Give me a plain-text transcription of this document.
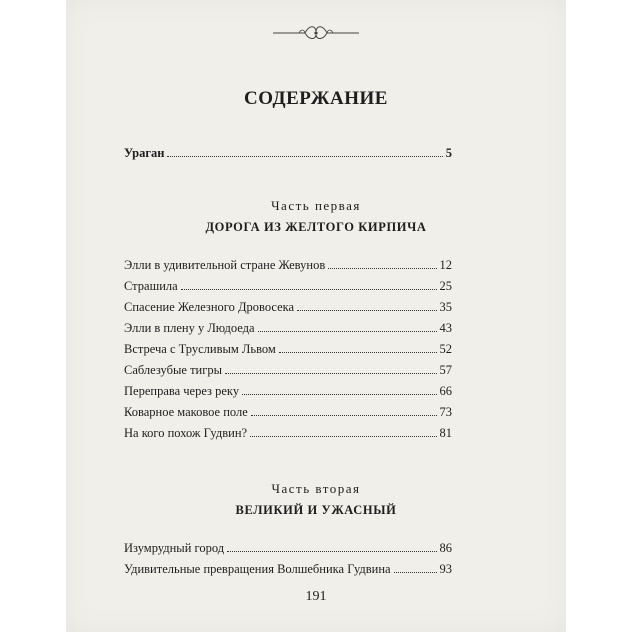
СОДЕРЖАНИЕ
Ураган	5
Часть первая
ДОРОГА ИЗ ЖЕЛТОГО КИРПИЧА
Элли в удивительной стране Жевунов	12
Страшила	25
Спасение Железного Дровосека	35
Элли в плену у Людоеда	43
Встреча с Трусливым Львом	52
Саблезубые тигры	57
Переправа через реку	66
Коварное маковое поле	73
На кого похож Гудвин?	81
Часть вторая
ВЕЛИКИЙ И УЖАСНЫЙ
Изумрудный город	86
Удивительные превращения Волшебника Гудвина	93
191
